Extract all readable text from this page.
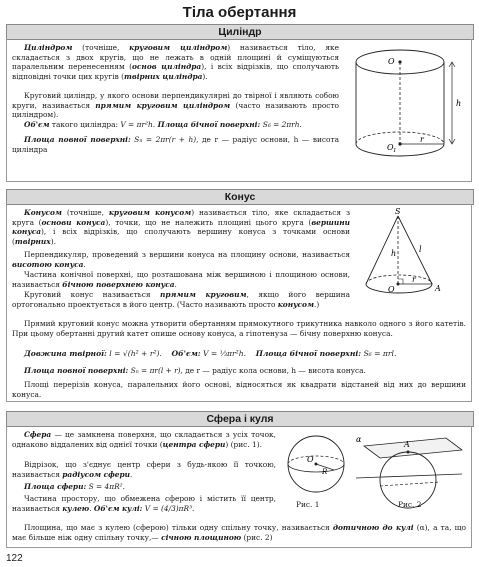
Тіла обертання
Циліндр

Циліндром (точніше, круговим циліндром) називається тіло, яке складається з двох кругів, що не лежать в одній площині й суміщуються паралельним перенесенням (основ циліндра), і всіх відрізків, що сполучають відповідні точки цих кругів (твірних циліндра).

Круговий циліндр, у якого основи перпендикулярні до твірної і являють собою круги, називається прямим круговим циліндром (часто називають просто циліндром).

Об'єм такого циліндра: V = πr²h. Площа бічної поверхні: S₆ = 2πrh.

Площа повної поверхні: Sₙ = 2πr(r + h), де r — радіус основи, h — висота циліндра

O
O 1
r
h
Конус

Конусом (точніше, круговим конусом) називається тіло, яке складається з круга (основи конуса), точки, що не належить площині цього круга (вершини конуса), і всіх відрізків, що сполучають вершину конуса з точками основи (твірних).

Перпендикуляр, проведений з вершини конуса на площину основи, називається висотою конуса.

Частина конічної поверхні, що розташована між вершиною і площиною основи, називається бічною поверхнею конуса.

Круговий конус називається прямим круговим, якщо його вершина ортогонально проектується в його центр. (Часто називають просто конусом.)

Прямий круговий конус можна утворити обертанням прямокутного трикутника навколо одного з його катетів. При цьому обертанні другий катет опише основу конуса, а гіпотенуза — бічну поверхню конуса.

Довжина твірної: l = √(h² + r²). Об'єм: V = ⅓πr²h. Площа бічної поверхні: S₆ = πrl.

Площа повної поверхні: Sₙ = πr(l + r), де r — радіус кола основи, h — висота конуса.

Площі перерізів конуса, паралельних його основі, відносяться як квадрати відстаней від них до вершини конуса.

S
O	A
h	l
r
Сфера і куля

Сфера — це замкнена поверхня, що складається з усіх точок, однаково віддалених від однієї точки (центра сфери) (рис. 1).

Відрізок, що з'єднує центр сфери з будь-якою її точкою, називається радіусом сфери.

Площа сфери: S = 4πR².

Частина простору, що обмежена сферою і містить її центр, називається кулею. Об'єм кулі: V = (4/3)πR³.

Площина, що має з кулею (сферою) тільки одну спільну точку, називається дотичною до кулі (α), а та, що має більше ніж одну спільну точку,— січною площиною (рис. 2)

O
R
Рис. 1
α
A
Рис. 2
122
